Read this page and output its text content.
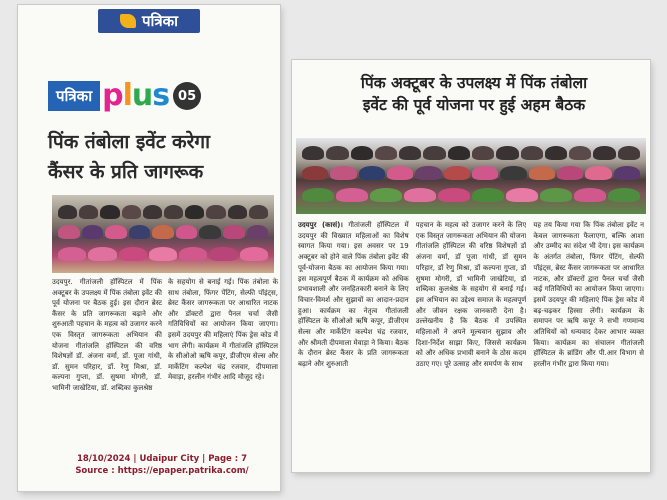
पत्रिका
पत्रिका plus 05
पिंक तंबोला इवेंट करेगा
कैंसर के प्रति जागरूक

उदयपुर. गीतांजली हॉस्पिटल में पिंक अक्टूबर के उपलक्ष्य में पिंक तंबोला इवेंट की पूर्व योजना पर बैठक हुई। इस दौरान ब्रेस्ट कैंसर के प्रति जागरूकता बढ़ाने और शुरुआती पहचान के महत्व को उजागर करने एक विस्तृत जागरूकता अभियान की योजना गीतांजलि हॉस्पिटल की वरिष्ठ विशेषज्ञों डॉ. अंजना वर्मा, डॉ. पूजा गांधी, डॉ. सुमन परिहार, डॉ. रेणु मिश्रा, डॉ. कल्पना गुप्ता, डॉ. सुषमा मोगरी, डॉ. भामिनी जाखेटिया, डॉ. शब्दिका कुलश्रेष्ठ

के सहयोग से बनाई गई। पिंक तंबोला के साथ तंबोला, फिंगर पेंटिंग, सेल्फी पॉइंट्स, ब्रेस्ट कैंसर जागरूकता पर आधारित नाटक और डॉक्टरों द्वारा पैनल चर्चा जैसी गतिविधियों का आयोजन किया जाएगा। इसमें उदयपुर की महिलाएं पिंक ड्रेस कोड में भाग लेंगी। कार्यक्रम में गीतांजलि हॉस्पिटल के सीओओ ऋषि कपूर, डीजीएम सेल्स और मार्केटिंग कल्पेश चंद्र रजवार, दीपमाला मेवाड़ा, हरलीन गंभीर आदि मौजूद रहे।

18/10/2024 | Udaipur City | Page : 7
Source : https://epaper.patrika.com/
पिंक अक्टूबर के उपलक्ष्य में पिंक तंबोला
इवेंट की पूर्व योजना पर हुई अहम बैठक

उदयपुर (कासं)। गीतांजली हॉस्पिटल में उदयपुर की विख्यात महिलाओं का विशेष स्वागत किया गया। इस अवसर पर 19 अक्टूबर को होने वाले पिंक तंबोला इवेंट की पूर्व-योजना बैठक का आयोजन किया गया। इस महत्वपूर्ण बैठक में कार्यक्रम को अधिक प्रभावशाली और जनहितकारी बनाने के लिए विचार-विमर्श और सुझावों का आदान-प्रदान हुआ। कार्यक्रम का नेतृत्व गीतांजली हॉस्पिटल के सीओओ ऋषि कपूर, डीजीएम सेल्स और मार्केटिंग कल्पेश चंद्र रजवार, और श्रीमती दीपमाला मेवाड़ा ने किया। बैठक के दौरान ब्रेस्ट कैंसर के प्रति जागरूकता बढ़ाने और शुरुआती

पहचान के महत्व को उजागर करने के लिए एक विस्तृत जागरूकता अभियान की योजना गीतांजलि हॉस्पिटल की वरिष्ठ विशेषज्ञों डॉ अंजना वर्मा, डॉ पूजा गांधी, डॉ सुमन परिहार, डॉ रेणु मिश्रा, डॉ कल्पना गुप्ता, डॉ सुषमा मोगरी, डॉ भामिनी जाखेटिया, डॉ शब्दिका कुलश्रेष्ठ के सहयोग से बनाई गई। इस अभियान का उद्देश्य समाज के महत्वपूर्ण और जीवन रक्षक जानकारी देना है। उल्लेखनीय है कि बैठक में उपस्थित महिलाओं ने अपने मूल्यवान सुझाव और दिशा-निर्देश साझा किए, जिससे कार्यक्रम को और अधिक प्रभावी बनाने के ठोस कदम उठाए गए। पूरे उत्साह और समर्पण के साथ

यह तय किया गया कि पिंक तंबोला इवेंट न केवल जागरूकता फैलाएगा, बल्कि आशा और उम्मीद का संदेश भी देगा। इस कार्यक्रम के अंतर्गत तंबोला, फिंगर पेंटिंग, सेल्फी पॉइंट्स, ब्रेस्ट कैंसर जागरूकता पर आधारित नाटक, और डॉक्टरों द्वारा पैनल चर्चा जैसी कई गतिविधियों का आयोजन किया जाएगा। इसमें उदयपुर की महिलाएं पिंक ड्रेस कोड में बढ़-चढ़कर हिस्सा लेंगी। कार्यक्रम के समापन पर ऋषि कपूर ने सभी गणमान्य अतिथियों को धन्यवाद देकर आभार व्यक्त किया। कार्यक्रम का संचालन गीतांजली हॉस्पिटल के ब्रांडिंग और पी.आर विभाग से हरलीन गंभीर द्वारा किया गया।
